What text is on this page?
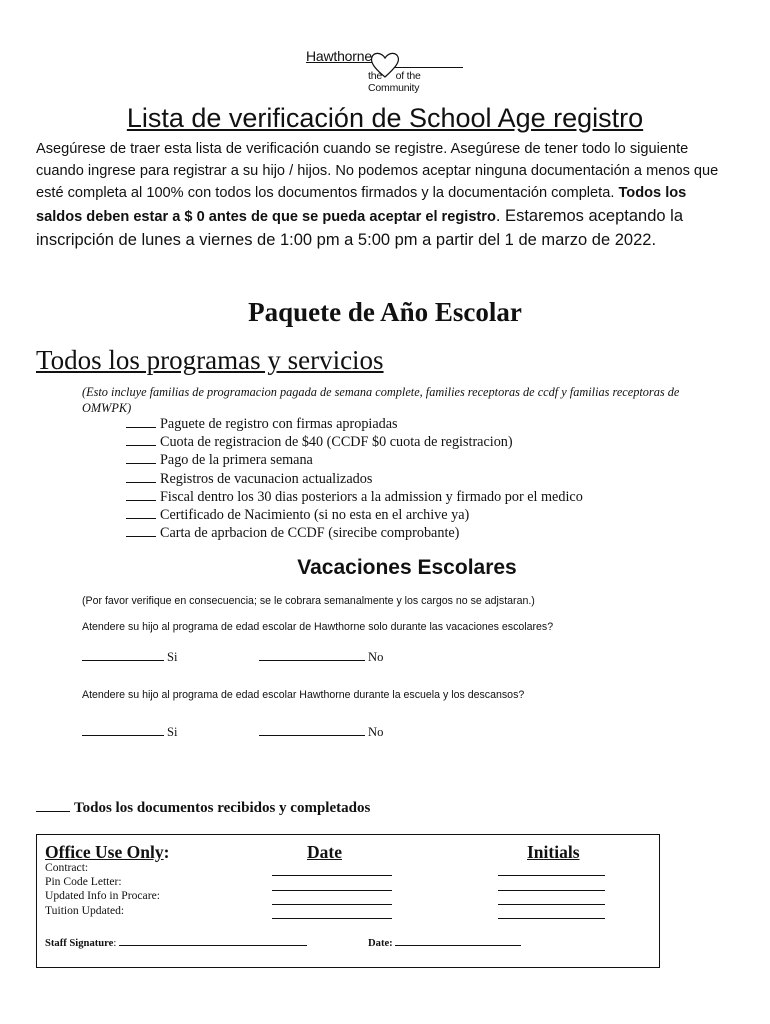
Hawthorne
the of the Community
Lista de verificación de School Age registro
Asegúrese de traer esta lista de verificación cuando se registre. Asegúrese de tener todo lo siguiente cuando ingrese para registrar a su hijo / hijos. No podemos aceptar ninguna documentación a menos que esté completa al 100% con todos los documentos firmados y la documentación completa. Todos los saldos deben estar a $ 0 antes de que se pueda aceptar el registro. Estaremos aceptando la inscripción de lunes a viernes de 1:00 pm a 5:00 pm a partir del 1 de marzo de 2022.
Paquete de Año Escolar
Todos los programas y servicios
(Esto incluye familias de programacion pagada de semana complete, families receptoras de ccdf y familias receptoras de OMWPK)
Paguete de registro con firmas apropiadas
Cuota de registracion de $40 (CCDF $0 cuota de registracion)
Pago de la primera semana
Registros de vacunacion actualizados
Fiscal dentro los 30 dias posteriors a la admission y firmado por el medico
Certificado de Nacimiento (si no esta en el archive ya)
Carta de aprbacion de CCDF (sirecibe comprobante)
Vacaciones Escolares
(Por favor verifique en consecuencia; se le cobrara semanalmente y los cargos no se adjstaran.)
Atendere su hijo al programa de edad escolar de Hawthorne solo durante las vacaciones escolares?
Si	No
Atendere su hijo al programa de edad escolar Hawthorne durante la escuela y los descansos?
Si	No
Todos los documentos recibidos y completados
Office Use Only:	Date	Initials
Contract:
Pin Code Letter:
Updated Info in Procare:
Tuition Updated:
Staff Signature:	Date:
